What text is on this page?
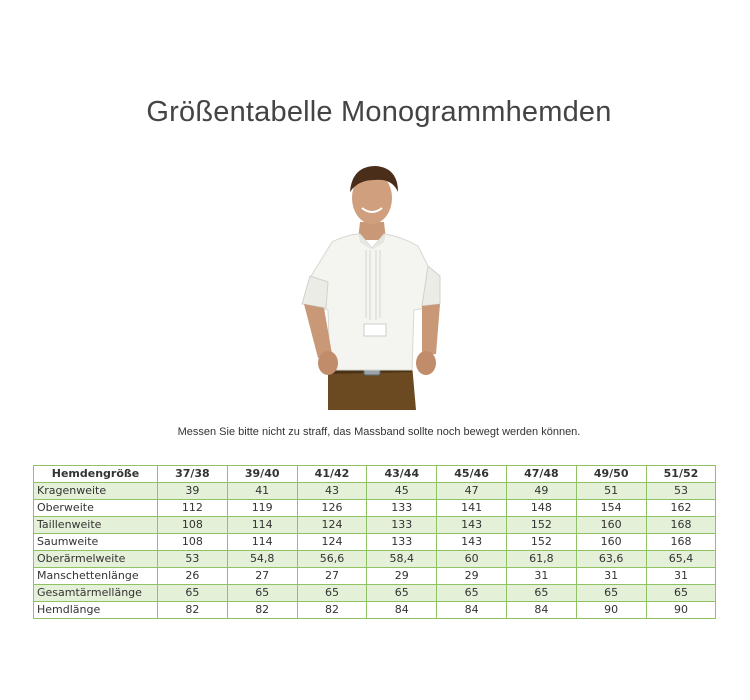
Größentabelle Monogrammhemden
Messen Sie bitte nicht zu straff, das Massband sollte noch bewegt werden können.
Hemdengröße	37/38	39/40	41/42	43/44	45/46	47/48	49/50	51/52
Kragenweite	39	41	43	45	47	49	51	53
Oberweite	112	119	126	133	141	148	154	162
Taillenweite	108	114	124	133	143	152	160	168
Saumweite	108	114	124	133	143	152	160	168
Oberärmelweite	53	54,8	56,6	58,4	60	61,8	63,6	65,4
Manschettenlänge	26	27	27	29	29	31	31	31
Gesamtärmellänge	65	65	65	65	65	65	65	65
Hemdlänge	82	82	82	84	84	84	90	90
